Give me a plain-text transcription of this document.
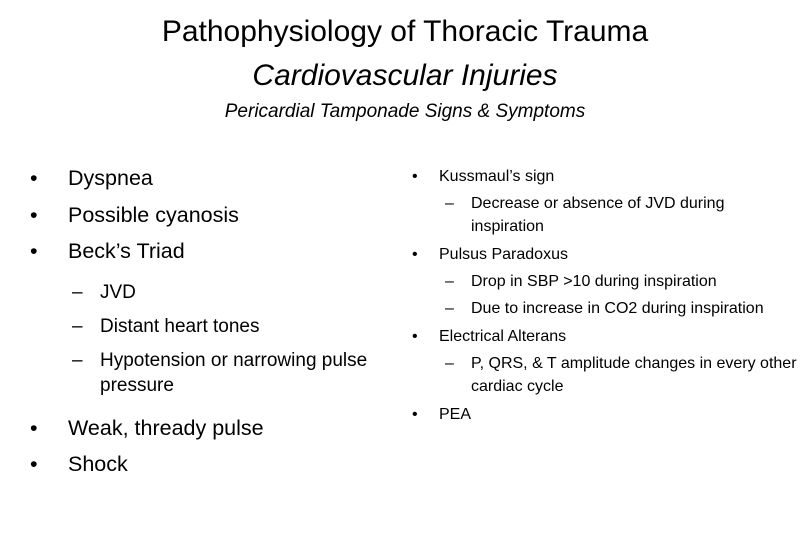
Pathophysiology of Thoracic Trauma
Cardiovascular Injuries
Pericardial Tamponade Signs & Symptoms
•	Dyspnea
•	Possible cyanosis
•	Beck’s Triad
– JVD
– Distant heart tones
– Hypotension or narrowing pulse pressure
•	Weak, thready pulse
•	Shock
•	Kussmaul’s sign
–	Decrease or absence of JVD during inspiration
•	Pulsus Paradoxus
–	Drop in SBP >10 during inspiration
–	Due to increase in CO2 during inspiration
•	Electrical Alterans
–	P, QRS, & T amplitude changes in every other cardiac cycle
•	PEA
